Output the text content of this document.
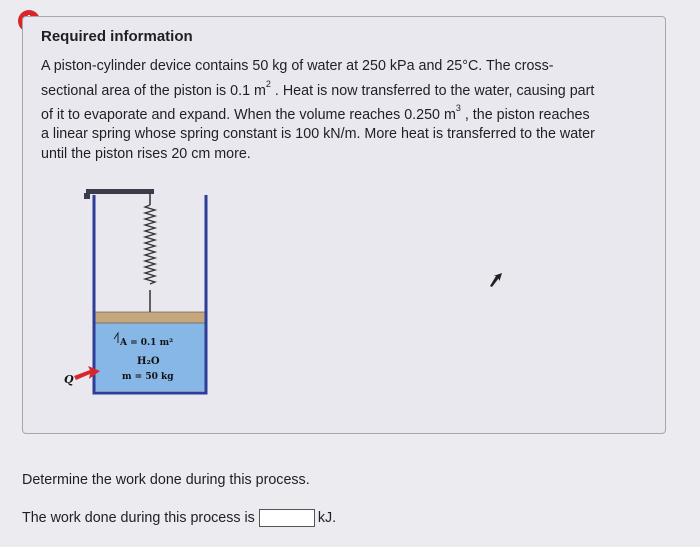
Required information
A piston-cylinder device contains 50 kg of water at 250 kPa and 25°C. The cross-sectional area of the piston is 0.1 $m^2$ . Heat is now transferred to the water, causing part of it to evaporate and expand. When the volume reaches 0.250 $m^3$ , the piston reaches a linear spring whose spring constant is 100 kN/m. More heat is transferred to the water until the piston rises 20 cm more.
A = 0.1 m²
H₂O
m = 50 kg
Q
Determine the work done during this process.
The work done during this process is	kJ.
